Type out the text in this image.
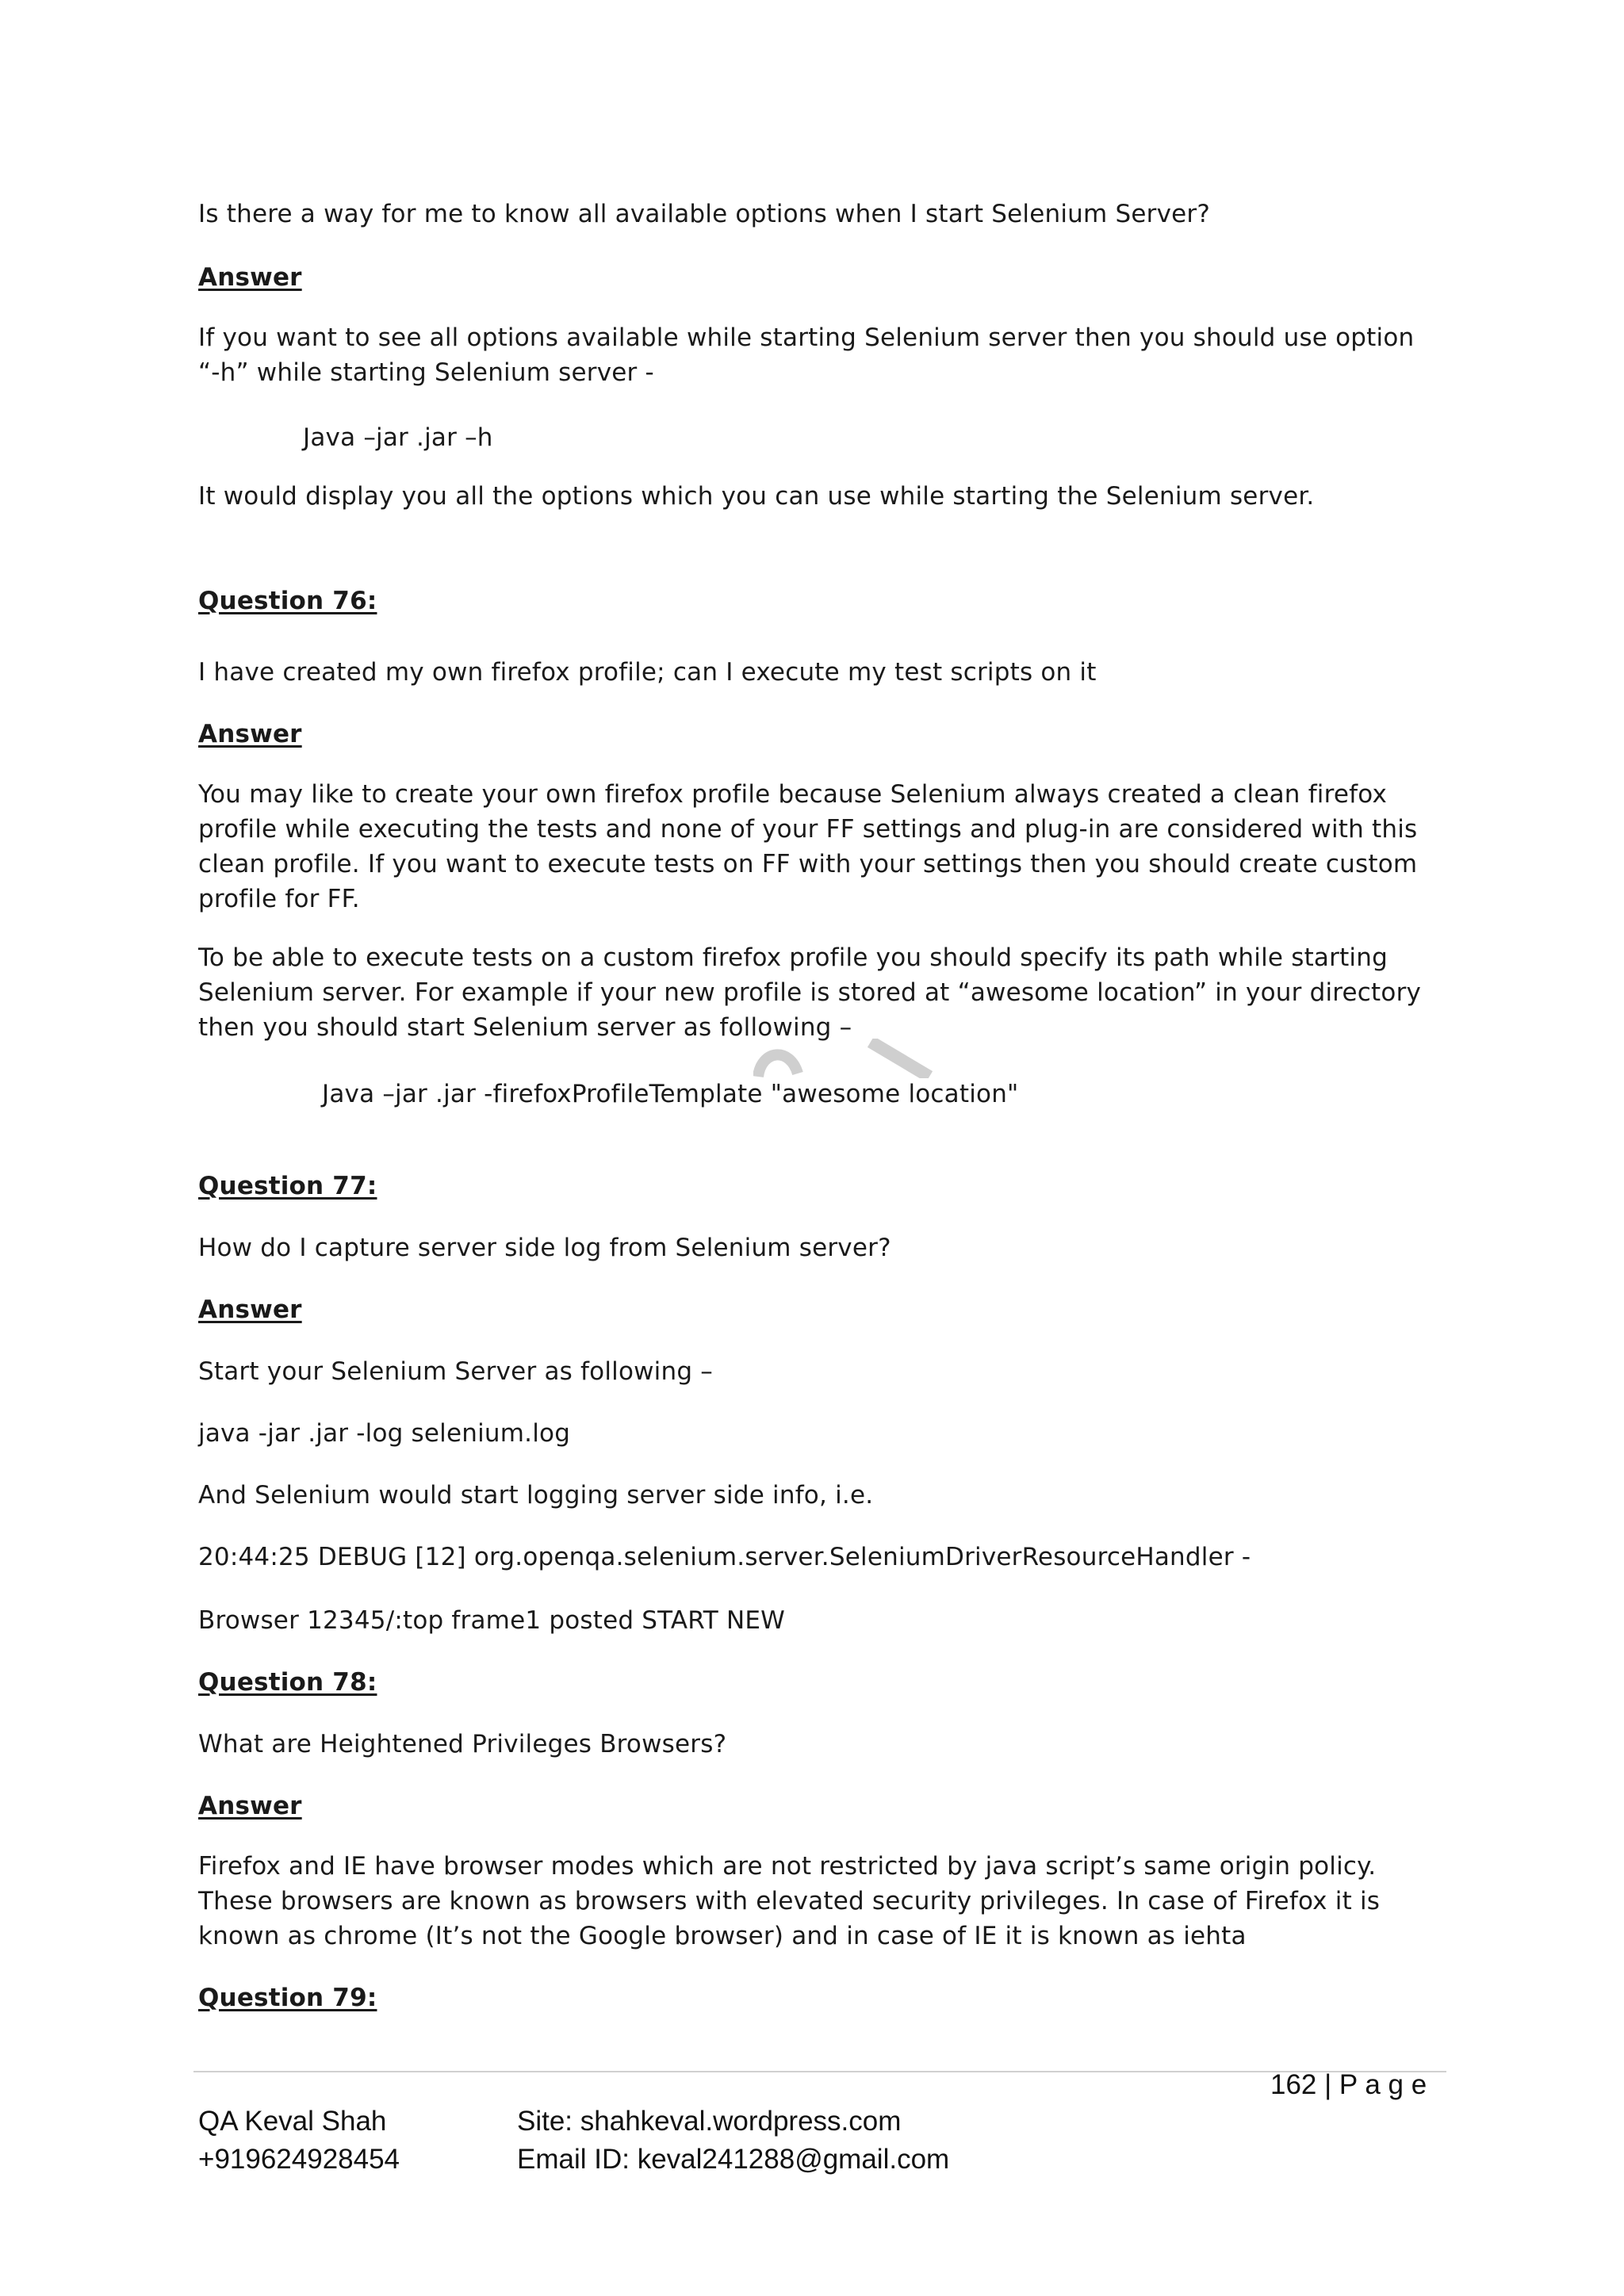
Is there a way for me to know all available options when I start Selenium Server?

Answer

If you want to see all options available while starting Selenium server then you should use option “-h” while starting Selenium server -

Java –jar .jar –h

It would display you all the options which you can use while starting the Selenium server.

Question 76:

I have created my own firefox profile; can I execute my test scripts on it

Answer

You may like to create your own firefox profile because Selenium always created a clean firefox profile while executing the tests and none of your FF settings and plug-in are considered with this clean profile. If you want to execute tests on FF with your settings then you should create custom profile for FF.

To be able to execute tests on a custom firefox profile you should specify its path while starting Selenium server. For example if your new profile is stored at “awesome location” in your directory then you should start Selenium server as following –

Java –jar .jar -firefoxProfileTemplate "awesome location"

Question 77:

How do I capture server side log from Selenium server?

Answer

Start your Selenium Server as following –

java -jar .jar -log selenium.log

And Selenium would start logging server side info, i.e.

20:44:25 DEBUG [12] org.openqa.selenium.server.SeleniumDriverResourceHandler -

Browser 12345/:top frame1 posted START NEW

Question 78:

What are Heightened Privileges Browsers?

Answer

Firefox and IE have browser modes which are not restricted by java script’s same origin policy. These browsers are known as browsers with elevated security privileges. In case of Firefox it is known as chrome (It’s not the Google browser) and in case of IE it is known as iehta

Question 79:

162 | P a g e

QA Keval Shah	Site: shahkeval.wordpress.com

+919624928454	Email ID: keval241288@gmail.com
